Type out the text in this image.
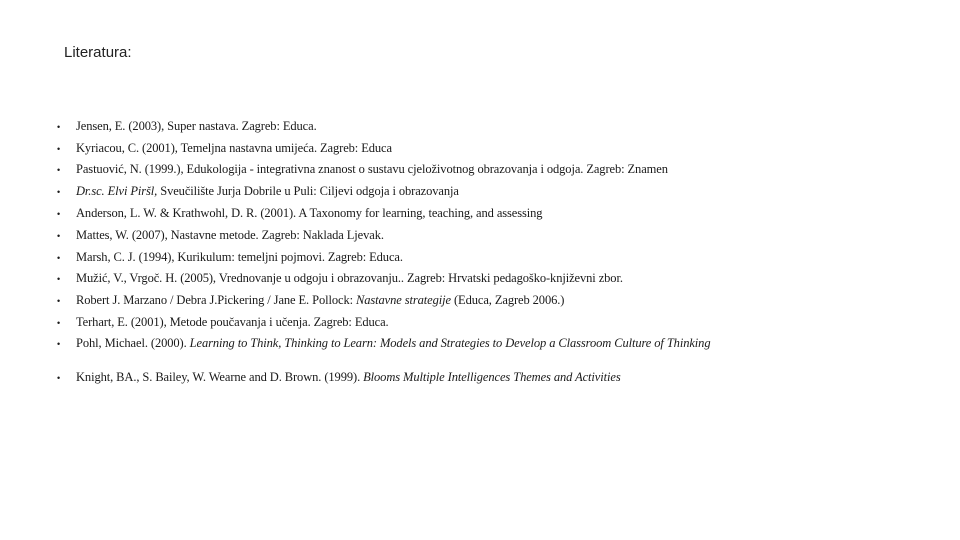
Literatura:
• Jensen, E. (2003), Super nastava. Zagreb: Educa.
• Kyriacou, C. (2001), Temeljna nastavna umijeća. Zagreb: Educa
• Pastuović, N. (1999.), Edukologija - integrativna znanost o sustavu cjeloživotnog obrazovanja i odgoja. Zagreb: Znamen
• Dr.sc. Elvi Piršl, Sveučilište Jurja Dobrile u Puli: Ciljevi odgoja i obrazovanja
• Anderson, L. W. & Krathwohl, D. R. (2001). A Taxonomy for learning, teaching, and assessing
• Mattes, W. (2007), Nastavne metode. Zagreb: Naklada Ljevak.
• Marsh, C. J. (1994), Kurikulum: temeljni pojmovi. Zagreb: Educa.
• Mužić, V., Vrgoč. H. (2005), Vrednovanje u odgoju i obrazovanju.. Zagreb: Hrvatski pedagoško-književni zbor.
• Robert J. Marzano / Debra J.Pickering / Jane E. Pollock: Nastavne strategije (Educa, Zagreb 2006.)
• Terhart, E. (2001), Metode poučavanja i učenja. Zagreb: Educa.
• Pohl, Michael. (2000). Learning to Think, Thinking to Learn: Models and Strategies to Develop a Classroom Culture of Thinking
• Knight, BA., S. Bailey, W. Wearne and D. Brown. (1999). Blooms Multiple Intelligences Themes and Activities
